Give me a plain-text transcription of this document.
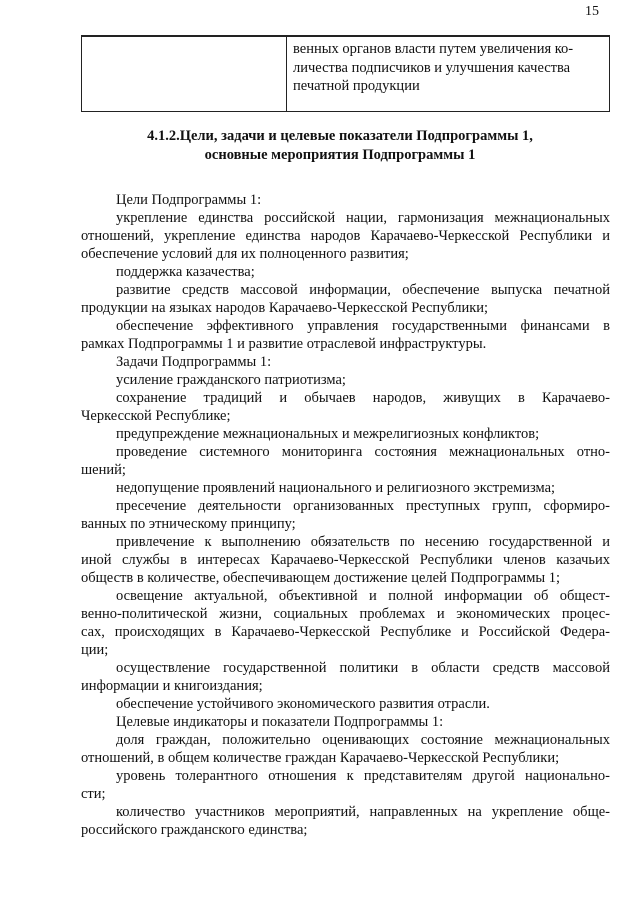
15
венных органов власти путем увеличения ко-
личества подписчиков и улучшения качества
печатной продукции
4.1.2.Цели, задачи и целевые показатели Подпрограммы 1,
основные мероприятия Подпрограммы 1
Цели Подпрограммы 1:
укрепление единства российской нации, гармонизация межнациональных
отношений, укрепление единства народов Карачаево-Черкесской Республики и
обеспечение условий для их полноценного развития;
поддержка казачества;
развитие средств массовой информации, обеспечение выпуска печатной
продукции на языках народов Карачаево-Черкесской Республики;
обеспечение эффективного управления государственными финансами в
рамках Подпрограммы 1 и развитие отраслевой инфраструктуры.
Задачи Подпрограммы 1:
усиление гражданского патриотизма;
сохранение традиций и обычаев народов, живущих в Карачаево-
Черкесской Республике;
предупреждение межнациональных и межрелигиозных конфликтов;
проведение системного мониторинга состояния межнациональных отно-
шений;
недопущение проявлений национального и религиозного экстремизма;
пресечение деятельности организованных преступных групп, сформиро-
ванных по этническому принципу;
привлечение к выполнению обязательств по несению государственной и
иной службы в интересах Карачаево-Черкесской Республики членов казачьих
обществ в количестве, обеспечивающем достижение целей Подпрограммы 1;
освещение актуальной, объективной и полной информации об общест-
венно-политической жизни, социальных проблемах и экономических процес-
сах, происходящих в Карачаево-Черкесской Республике и Российской Федера-
ции;
осуществление государственной политики в области средств массовой
информации и книгоиздания;
обеспечение устойчивого экономического развития отрасли.
Целевые индикаторы и показатели Подпрограммы 1:
доля граждан, положительно оценивающих состояние межнациональных
отношений, в общем количестве граждан Карачаево-Черкесской Республики;
уровень толерантного отношения к представителям другой национально-
сти;
количество участников мероприятий, направленных на укрепление обще-
российского гражданского единства;
